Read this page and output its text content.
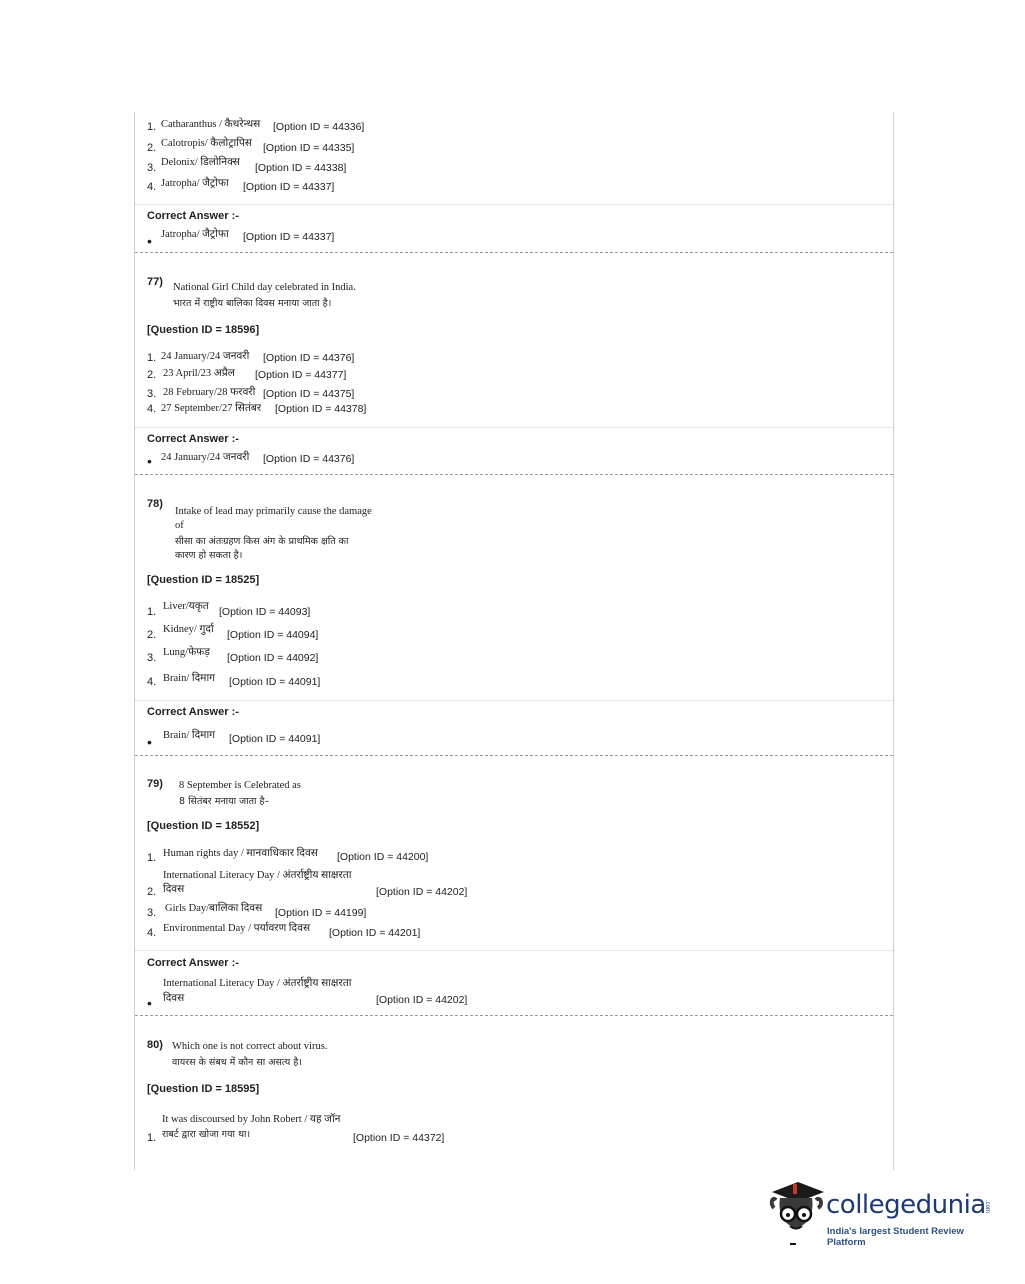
1. Catharanthus / कैथरेन्थस [Option ID = 44336]
2. Calotropis/ कैलोट्रापिस [Option ID = 44335]
3. Delonix/ डिलोनिक्स [Option ID = 44338]
4. Jatropha/ जैट्रोफा [Option ID = 44337]
Correct Answer :-
• Jatropha/ जैट्रोफा [Option ID = 44337]
77) National Girl Child day celebrated in India.
भारत में राष्ट्रीय बालिका दिवस मनाया जाता है।
[Question ID = 18596]
1. 24 January/24 जनवरी [Option ID = 44376]
2. 23 April/23 अप्रैल [Option ID = 44377]
3. 28 February/28 फरवरी [Option ID = 44375]
4. 27 September/27 सितंबर [Option ID = 44378]
Correct Answer :-
• 24 January/24 जनवरी [Option ID = 44376]
78)
Intake of lead may primarily cause the damage
of
सीसा का अंतःग्रहण किस अंग के प्राथमिक क्षति का
कारण हो सकता है।
[Question ID = 18525]
1. Liver/यकृत [Option ID = 44093]
2. Kidney/ गुर्दा [Option ID = 44094]
3. Lung/फेफड़ [Option ID = 44092]
4. Brain/ दिमाग [Option ID = 44091]
Correct Answer :-
• Brain/ दिमाग [Option ID = 44091]
79) 8 September is Celebrated as
8 सितंबर मनाया जाता है–
[Question ID = 18552]
1. Human rights day / मानवाधिकार दिवस [Option ID = 44200]
International Literacy Day / अंतर्राष्ट्रीय साक्षरता
2. दिवस	[Option ID = 44202]
3. Girls Day/बालिका दिवस [Option ID = 44199]
4. Environmental Day / पर्यावरण दिवस [Option ID = 44201]
Correct Answer :-
International Literacy Day / अंतर्राष्ट्रीय साक्षरता
• दिवस	[Option ID = 44202]
80) Which one is not correct about virus.
वायरस के संबध में कौन सा असत्य है।
[Question ID = 18595]
It was discoursed by John Robert / यह जॉन
1. राबर्ट द्वारा खोजा गया था।	[Option ID = 44372]
collegedunia
.com
India's largest Student Review Platform
